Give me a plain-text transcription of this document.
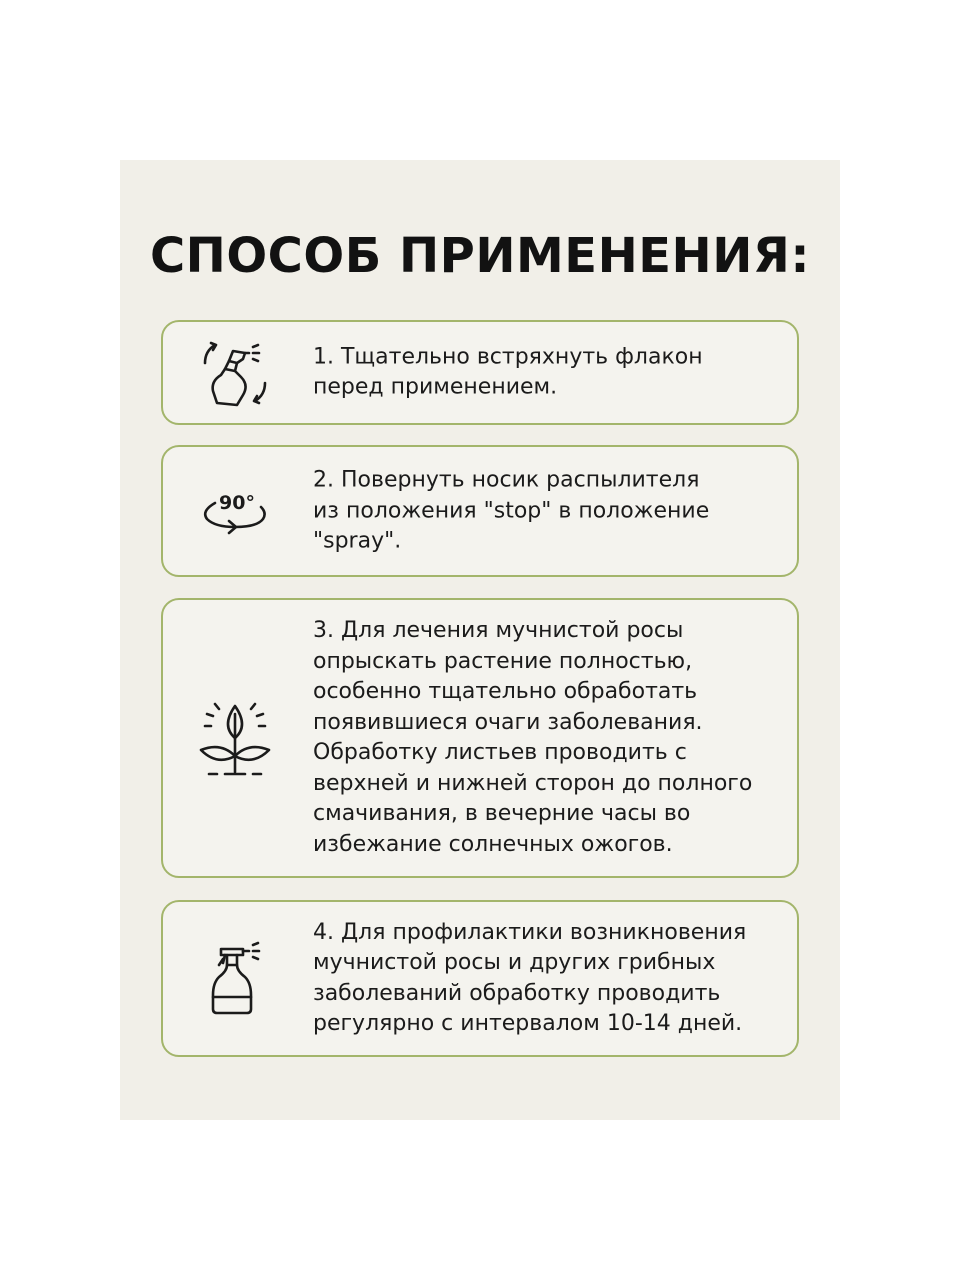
СПОСОБ ПРИМЕНЕНИЯ:
1. Тщательно встряхнуть флакон
перед применением.
90°
2. Повернуть носик распылителя
из положения "stop" в положение
"spray".
3. Для лечения мучнистой росы
опрыскать растение полностью,
особенно тщательно обработать
появившиеся очаги заболевания.
Обработку листьев проводить с
верхней и нижней сторон до полного
смачивания, в вечерние часы во
избежание солнечных ожогов.
4. Для профилактики возникновения
мучнистой росы и других грибных
заболеваний обработку проводить
регулярно с интервалом 10-14 дней.
